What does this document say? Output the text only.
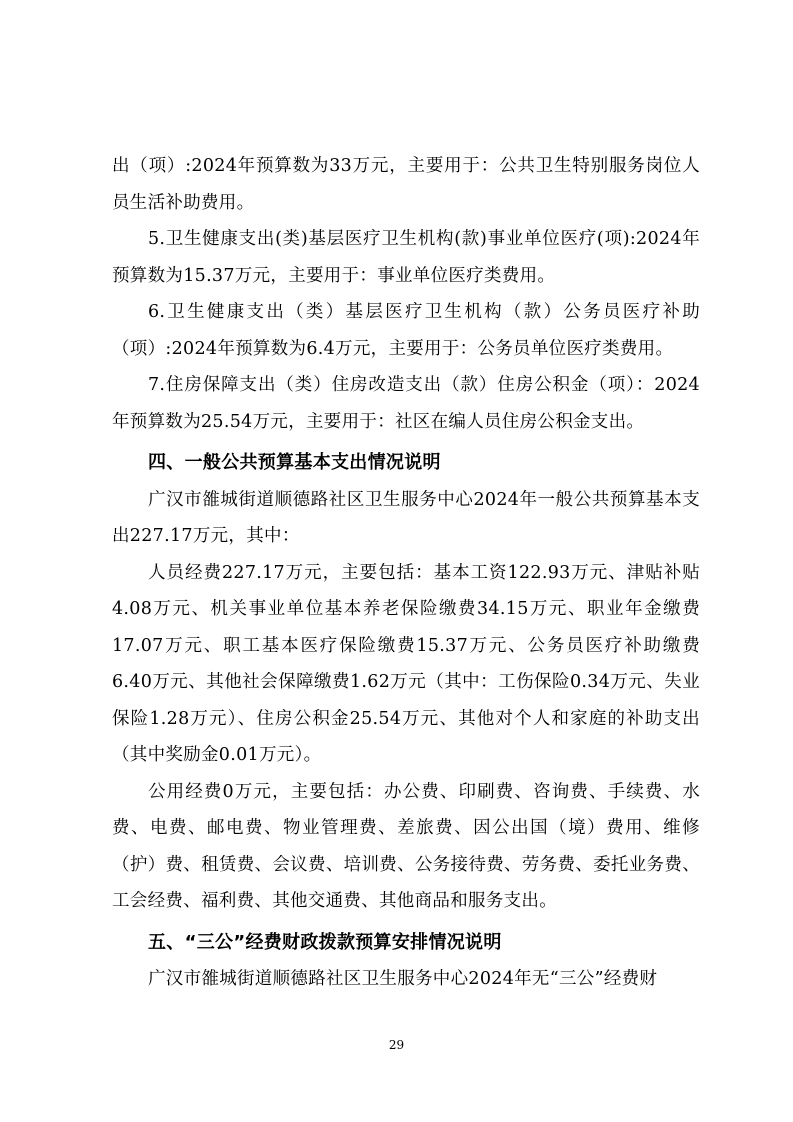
出（项）:2024年预算数为33万元，主要用于：公共卫生特别服务岗位人员生活补助费用。

5.卫生健康支出(类)基层医疗卫生机构(款)事业单位医疗(项):2024年预算数为15.37万元，主要用于：事业单位医疗类费用。

6.卫生健康支出（类）基层医疗卫生机构（款）公务员医疗补助（项）:2024年预算数为6.4万元，主要用于：公务员单位医疗类费用。

7.住房保障支出（类）住房改造支出（款）住房公积金（项）：2024年预算数为25.54万元，主要用于：社区在编人员住房公积金支出。

四、一般公共预算基本支出情况说明

广汉市雒城街道顺德路社区卫生服务中心2024年一般公共预算基本支出227.17万元，其中：

人员经费227.17万元，主要包括：基本工资122.93万元、津贴补贴4.08万元、机关事业单位基本养老保险缴费34.15万元、职业年金缴费17.07万元、职工基本医疗保险缴费15.37万元、公务员医疗补助缴费6.40万元、其他社会保障缴费1.62万元（其中：工伤保险0.34万元、失业保险1.28万元）、住房公积金25.54万元、其他对个人和家庭的补助支出（其中奖励金0.01万元）。

公用经费0万元，主要包括：办公费、印刷费、咨询费、手续费、水费、电费、邮电费、物业管理费、差旅费、因公出国（境）费用、维修（护）费、租赁费、会议费、培训费、公务接待费、劳务费、委托业务费、工会经费、福利费、其他交通费、其他商品和服务支出。

五、“三公”经费财政拨款预算安排情况说明

广汉市雒城街道顺德路社区卫生服务中心2024年无“三公”经费财

29
